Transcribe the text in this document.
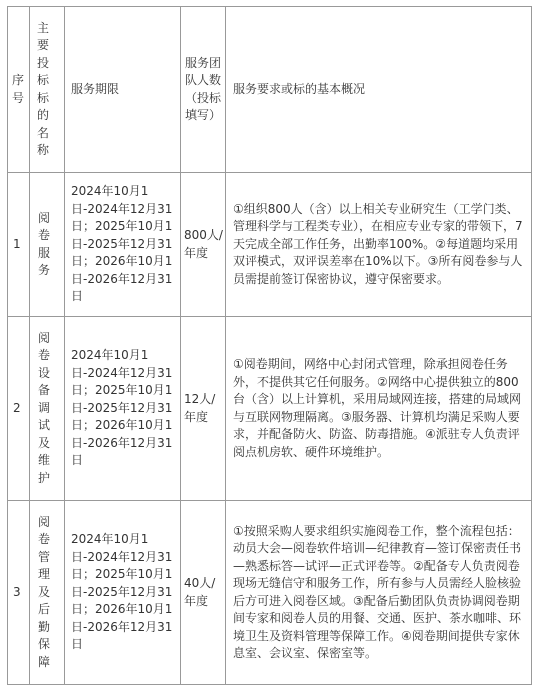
序号	主要投标标的名称	服务期限	服务团队人数（投标填写）	服务要求或标的基本概况

1	阅卷服务	2024年10月1日-2024年12月31日；2025年10月1日-2025年12月31日；2026年10月1日-2026年12月31日	800人/年度	①组织800人（含）以上相关专业研究生（工学门类、管理科学与工程类专业），在相应专业专家的带领下，7天完成全部工作任务，出勤率100%。②每道题均采用双评模式，双评误差率在10%以下。③所有阅卷参与人员需提前签订保密协议，遵守保密要求。

2	阅卷设备调试及维护	2024年10月1日-2024年12月31日；2025年10月1日-2025年12月31日；2026年10月1日-2026年12月31日	12人/年度	①阅卷期间，网络中心封闭式管理，除承担阅卷任务外，不提供其它任何服务。②网络中心提供独立的800台（含）以上计算机，采用局域网连接，搭建的局域网与互联网物理隔离。③服务器、计算机均满足采购人要求，并配备防火、防盗、防毒措施。④派驻专人负责评阅点机房软、硬件环境维护。

3	阅卷管理及后勤保障	2024年10月1日-2024年12月31日；2025年10月1日-2025年12月31日；2026年10月1日-2026年12月31日	40人/年度	①按照采购人要求组织实施阅卷工作，整个流程包括：动员大会—阅卷软件培训—纪律教育—签订保密责任书—熟悉标答—试评—正式评卷等。②配备专人负责阅卷现场无缝信守和服务工作，所有参与人员需经人脸核验后方可进入阅卷区域。③配备后勤团队负责协调阅卷期间专家和阅卷人员的用餐、交通、医护、茶水咖啡、环境卫生及资料管理等保障工作。④阅卷期间提供专家休息室、会议室、保密室等。
